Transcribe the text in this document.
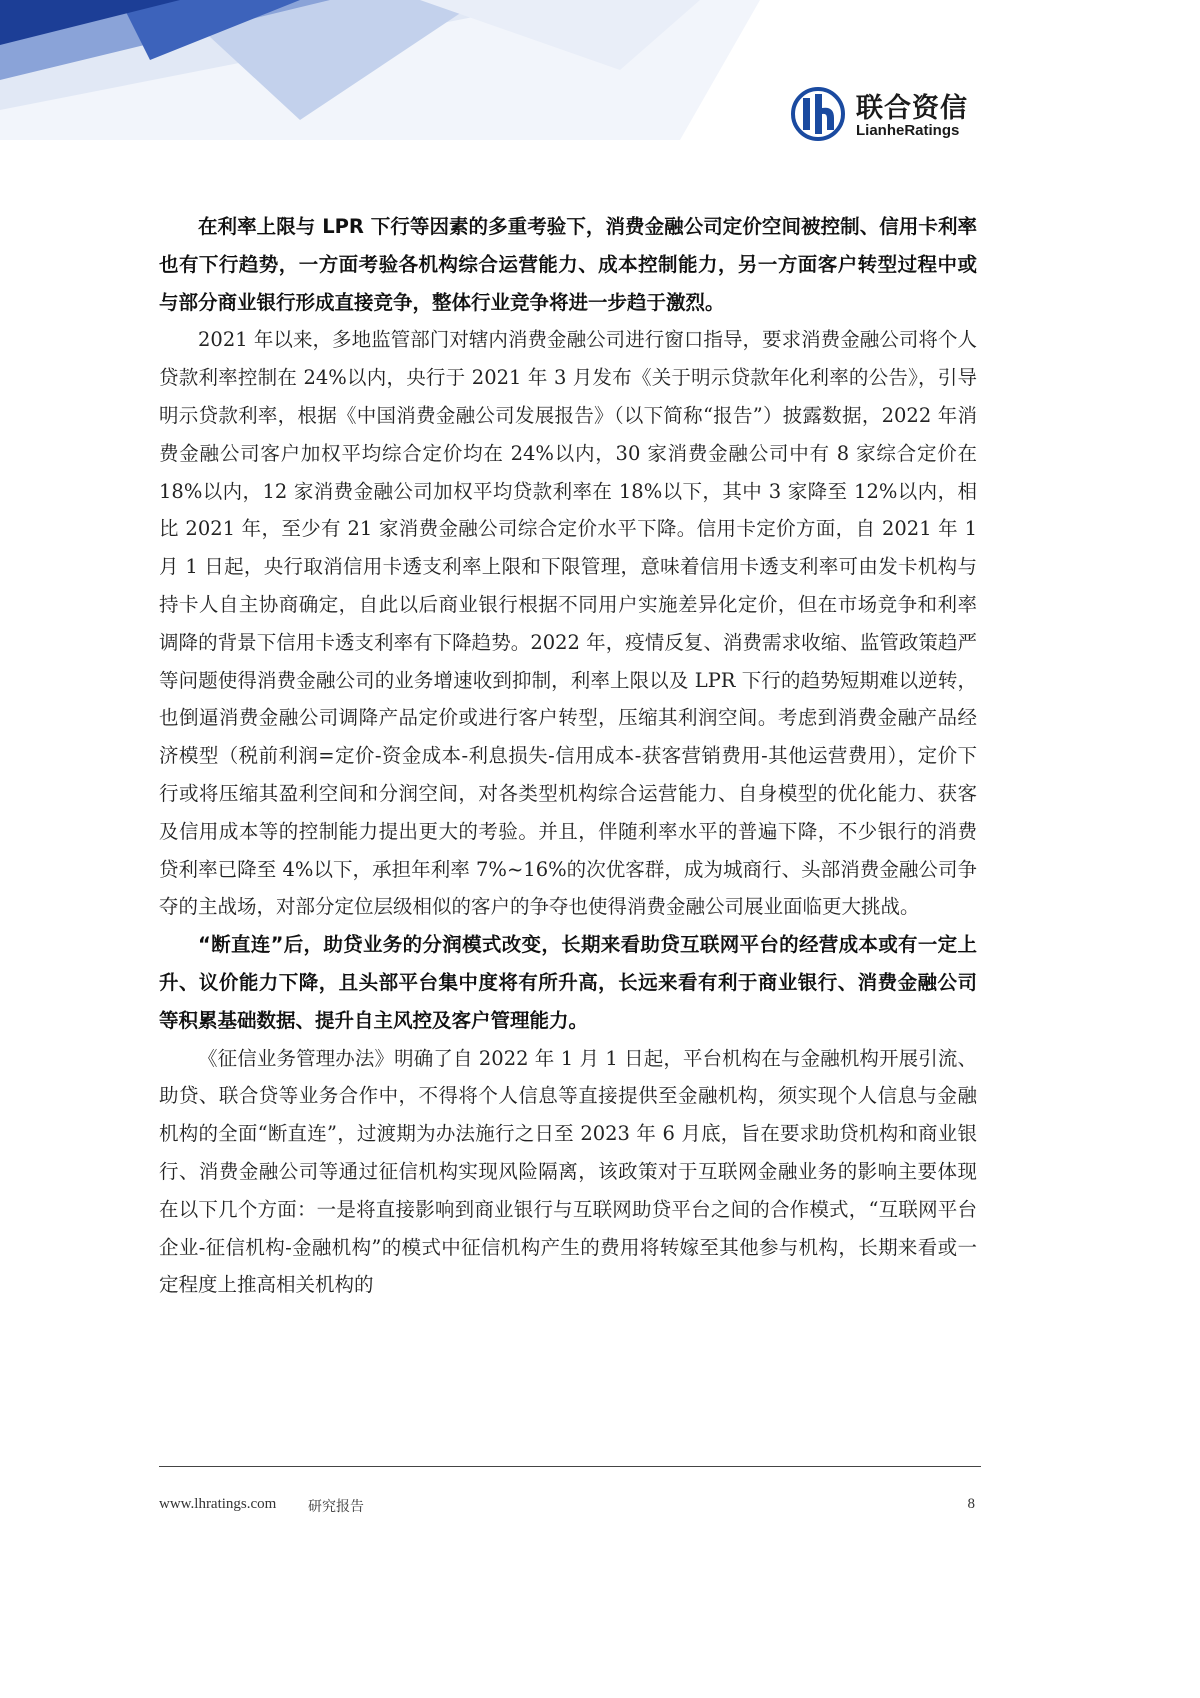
联合资信
LianheRatings

在利率上限与 LPR 下行等因素的多重考验下，消费金融公司定价空间被控制、信用卡利率也有下行趋势，一方面考验各机构综合运营能力、成本控制能力，另一方面客户转型过程中或与部分商业银行形成直接竞争，整体行业竞争将进一步趋于激烈。

2021 年以来，多地监管部门对辖内消费金融公司进行窗口指导，要求消费金融公司将个人贷款利率控制在 24%以内，央行于 2021 年 3 月发布《关于明示贷款年化利率的公告》，引导明示贷款利率，根据《中国消费金融公司发展报告》（以下简称“报告”）披露数据，2022 年消费金融公司客户加权平均综合定价均在 24%以内，30 家消费金融公司中有 8 家综合定价在 18%以内，12 家消费金融公司加权平均贷款利率在 18%以下，其中 3 家降至 12%以内，相比 2021 年，至少有 21 家消费金融公司综合定价水平下降。信用卡定价方面，自 2021 年 1 月 1 日起，央行取消信用卡透支利率上限和下限管理，意味着信用卡透支利率可由发卡机构与持卡人自主协商确定，自此以后商业银行根据不同用户实施差异化定价，但在市场竞争和利率调降的背景下信用卡透支利率有下降趋势。2022 年，疫情反复、消费需求收缩、监管政策趋严等问题使得消费金融公司的业务增速收到抑制，利率上限以及 LPR 下行的趋势短期难以逆转，也倒逼消费金融公司调降产品定价或进行客户转型，压缩其利润空间。考虑到消费金融产品经济模型（税前利润=定价-资金成本-利息损失-信用成本-获客营销费用-其他运营费用），定价下行或将压缩其盈利空间和分润空间，对各类型机构综合运营能力、自身模型的优化能力、获客及信用成本等的控制能力提出更大的考验。并且，伴随利率水平的普遍下降，不少银行的消费贷利率已降至 4%以下，承担年利率 7%~16%的次优客群，成为城商行、头部消费金融公司争夺的主战场，对部分定位层级相似的客户的争夺也使得消费金融公司展业面临更大挑战。

“断直连”后，助贷业务的分润模式改变，长期来看助贷互联网平台的经营成本或有一定上升、议价能力下降，且头部平台集中度将有所升高，长远来看有利于商业银行、消费金融公司等积累基础数据、提升自主风控及客户管理能力。

《征信业务管理办法》明确了自 2022 年 1 月 1 日起，平台机构在与金融机构开展引流、助贷、联合贷等业务合作中，不得将个人信息等直接提供至金融机构，须实现个人信息与金融机构的全面“断直连”，过渡期为办法施行之日至 2023 年 6 月底，旨在要求助贷机构和商业银行、消费金融公司等通过征信机构实现风险隔离，该政策对于互联网金融业务的影响主要体现在以下几个方面：一是将直接影响到商业银行与互联网助贷平台之间的合作模式，“互联网平台企业-征信机构-金融机构”的模式中征信机构产生的费用将转嫁至其他参与机构，长期来看或一定程度上推高相关机构的

www.lhratings.com 研究报告	8
